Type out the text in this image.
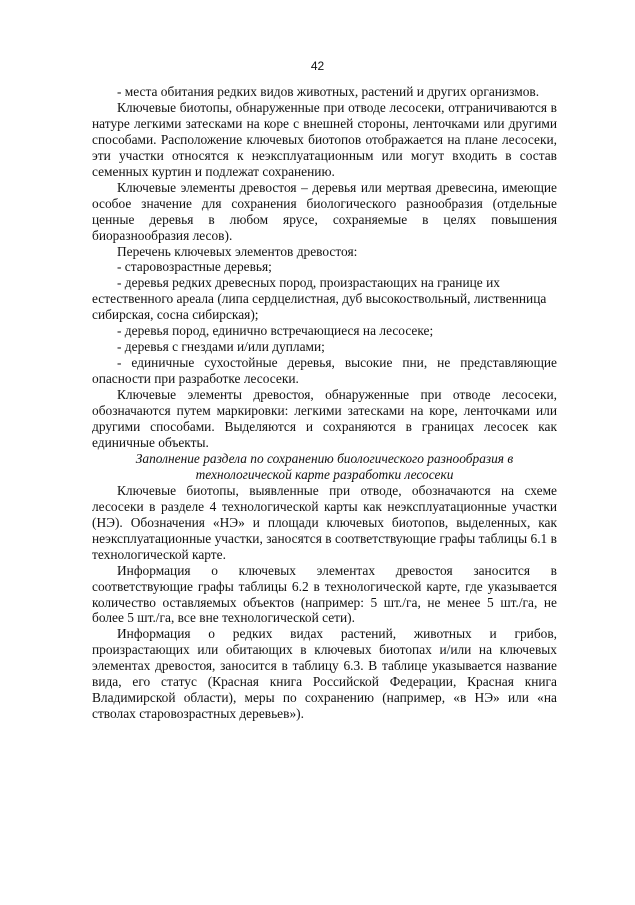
42

- места обитания редких видов животных, растений и других организмов.

Ключевые биотопы, обнаруженные при отводе лесосеки, отграничиваются в натуре легкими затесками на коре с внешней стороны, ленточками или другими способами. Расположение ключевых биотопов отображается на плане лесосеки, эти участки относятся к неэксплуатационным или могут входить в состав семенных куртин и подлежат сохранению.

Ключевые элементы древостоя – деревья или мертвая древесина, имеющие особое значение для сохранения биологического разнообразия (отдельные ценные деревья в любом ярусе, сохраняемые в целях повышения биоразнообразия лесов).

Перечень ключевых элементов древостоя:

- старовозрастные деревья;

- деревья редких древесных пород, произрастающих на границе их естественного ареала (липа сердцелистная, дуб высокоствольный, лиственница сибирская, сосна сибирская);

- деревья пород, единично встречающиеся на лесосеке;

- деревья с гнездами и/или дуплами;

- единичные сухостойные деревья, высокие пни, не представляющие опасности при разработке лесосеки.

Ключевые элементы древостоя, обнаруженные при отводе лесосеки, обозначаются путем маркировки: легкими затесками на коре, ленточками или другими способами. Выделяются и сохраняются в границах лесосек как единичные объекты.

Заполнение раздела по сохранению биологического разнообразия в технологической карте разработки лесосеки

Ключевые биотопы, выявленные при отводе, обозначаются на схеме лесосеки в разделе 4 технологической карты как неэксплуатационные участки (НЭ). Обозначения «НЭ» и площади ключевых биотопов, выделенных, как неэксплуатационные участки, заносятся в соответствующие графы таблицы 6.1 в технологической карте.

Информация о ключевых элементах древостоя заносится в соответствующие графы таблицы 6.2 в технологической карте, где указывается количество оставляемых объектов (например: 5 шт./га, не менее 5 шт./га, не более 5 шт./га, все вне технологической сети).

Информация о редких видах растений, животных и грибов, произрастающих или обитающих в ключевых биотопах и/или на ключевых элементах древостоя, заносится в таблицу 6.3. В таблице указывается название вида, его статус (Красная книга Российской Федерации, Красная книга Владимирской области), меры по сохранению (например, «в НЭ» или «на стволах старовозрастных деревьев»).
